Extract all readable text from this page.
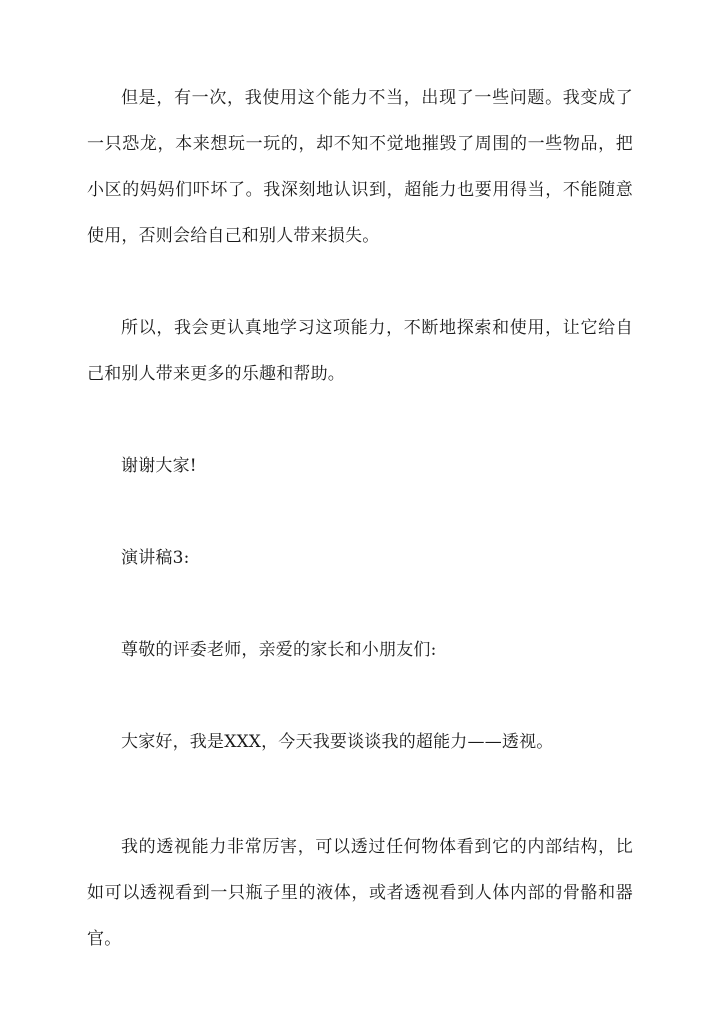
但是，有一次，我使用这个能力不当，出现了一些问题。我变成了一只恐龙，本来想玩一玩的，却不知不觉地摧毁了周围的一些物品，把小区的妈妈们吓坏了。我深刻地认识到，超能力也要用得当，不能随意使用，否则会给自己和别人带来损失。

所以，我会更认真地学习这项能力，不断地探索和使用，让它给自己和别人带来更多的乐趣和帮助。

谢谢大家!

演讲稿3:

尊敬的评委老师，亲爱的家长和小朋友们:

大家好，我是XXX，今天我要谈谈我的超能力——透视。

我的透视能力非常厉害，可以透过任何物体看到它的内部结构，比如可以透视看到一只瓶子里的液体，或者透视看到人体内部的骨骼和器官。
